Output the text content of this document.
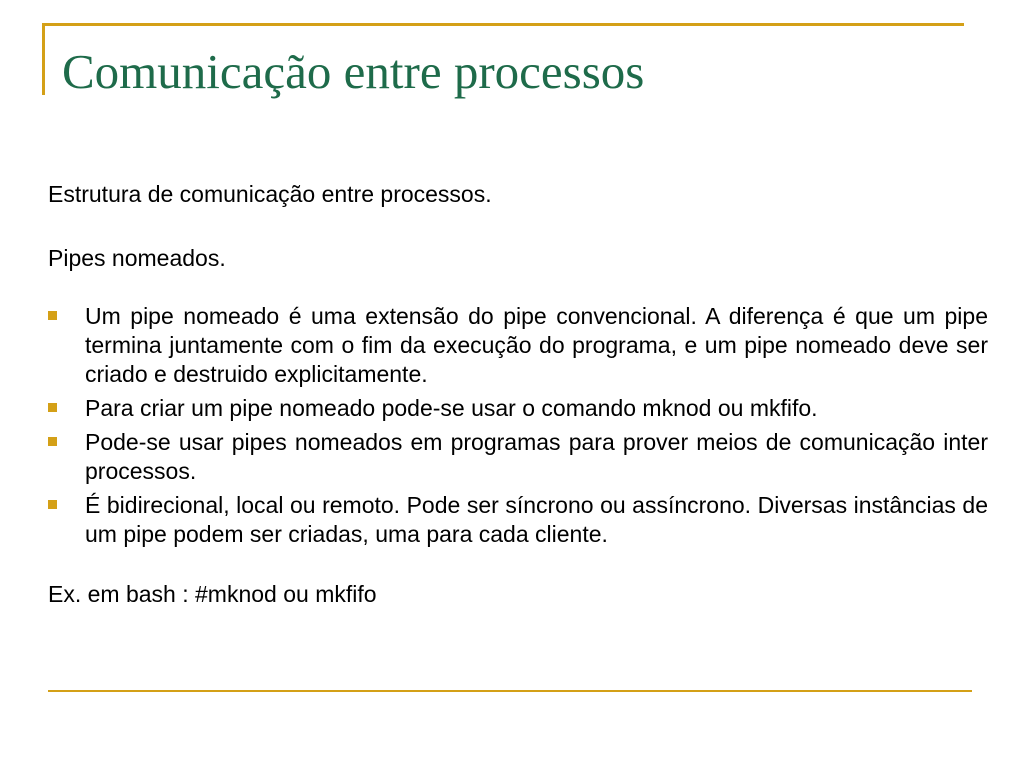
Comunicação entre processos

Estrutura de comunicação entre processos.

Pipes nomeados.

Um pipe nomeado é uma extensão do pipe convencional. A diferença é que um pipe termina juntamente com o fim da execução do programa, e um pipe nomeado deve ser criado e destruido explicitamente.
Para criar um pipe nomeado pode-se usar o comando mknod ou mkfifo.
Pode-se usar pipes nomeados em programas para prover meios de comunicação inter processos.
É bidirecional, local ou remoto. Pode ser síncrono ou assíncrono. Diversas instâncias de um pipe podem ser criadas, uma para cada cliente.

Ex. em bash : #mknod ou mkfifo
